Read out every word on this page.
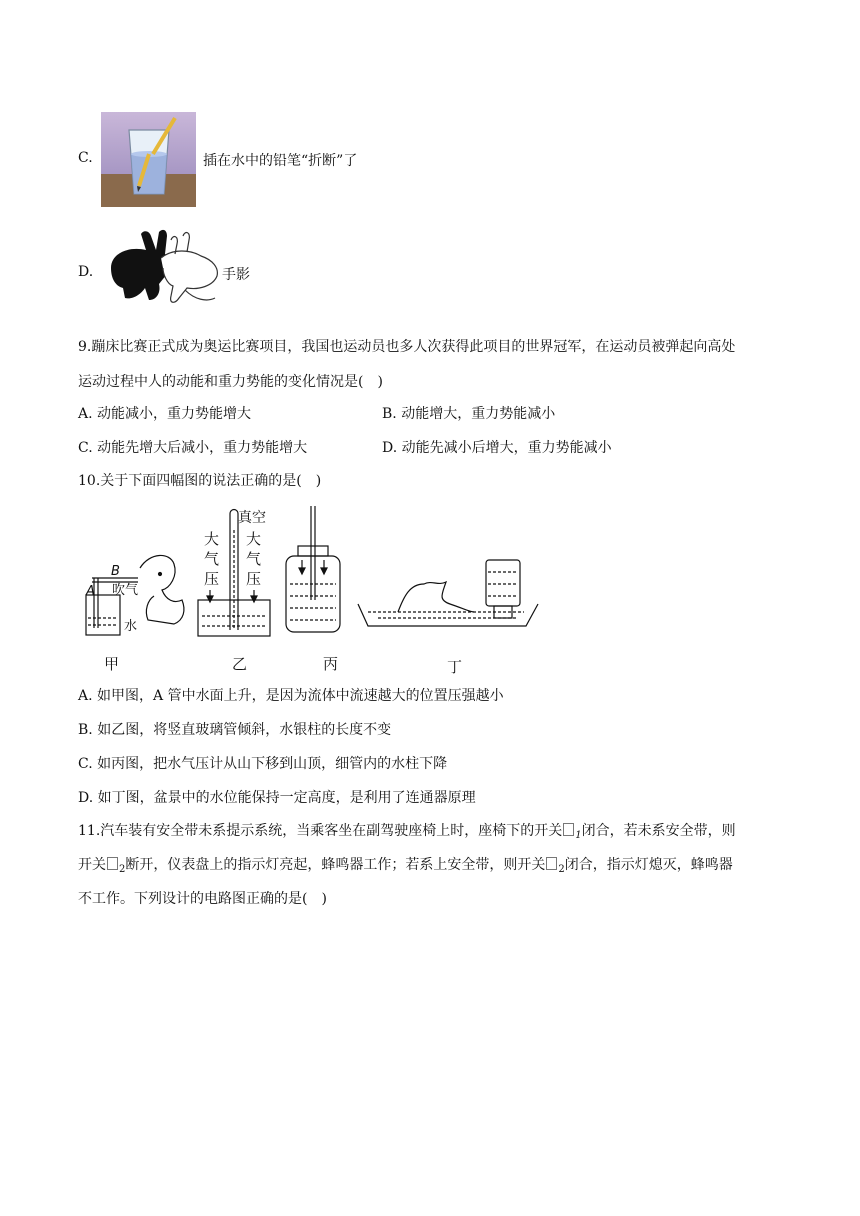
C.	插在水中的铅笔“折断”了
D.	手影
9.蹦床比赛正式成为奥运比赛项目，我国也运动员也多人次获得此项目的世界冠军，在运动员被弹起向高处
运动过程中人的动能和重力势能的变化情况是(　)
A. 动能减小，重力势能增大	B. 动能增大，重力势能减小
C. 动能先增大后减小，重力势能增大	D. 动能先减小后增大，重力势能减小
10.关于下面四幅图的说法正确的是(　)
B
A 吹气
水
真空
大
气
压
大
气
压
甲	乙	丙	丁
A. 如甲图，A 管中水面上升，是因为流体中流速越大的位置压强越小
B. 如乙图，将竖直玻璃管倾斜，水银柱的长度不变
C. 如丙图，把水气压计从山下移到山顶，细管内的水柱下降
D. 如丁图，盆景中的水位能保持一定高度，是利用了连通器原理
11.汽车装有安全带未系提示系统，当乘客坐在副驾驶座椅上时，座椅下的开关 $_1$闭合，若未系安全带，则
开关 $_2$断开，仪表盘上的指示灯亮起，蜂鸣器工作；若系上安全带，则开关 $_2$闭合，指示灯熄灭，蜂鸣器
不工作。下列设计的电路图正确的是(　)
